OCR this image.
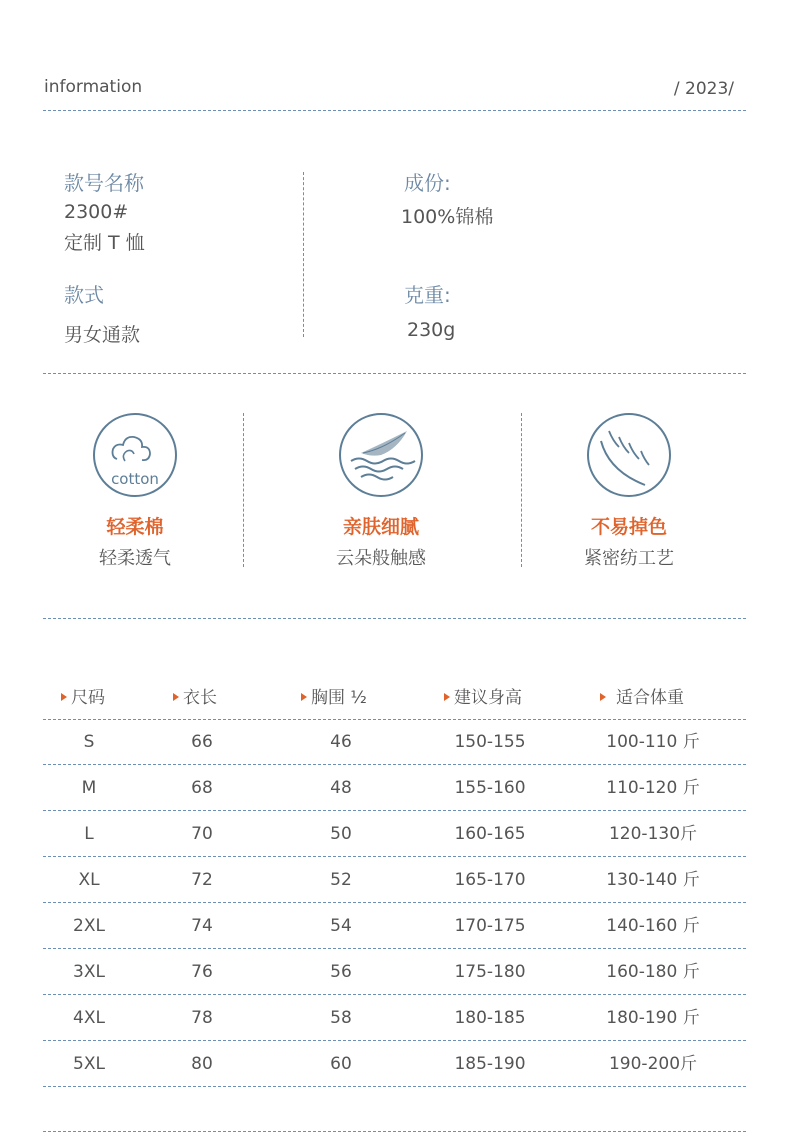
information	/ 2023/
款号名称
2300#
定制 T 恤
款式
男女通款
成份:
100%锦棉
克重:
230g
cotton
轻柔棉
轻柔透气
亲肤细腻
云朵般触感
不易掉色
紧密纺工艺
尺码	衣长	胸围 ½	建议身高	适合体重
S	66	46	150-155	100-110 斤
M	68	48	155-160	110-120 斤
L	70	50	160-165	120-130斤
XL	72	52	165-170	130-140 斤
2XL	74	54	170-175	140-160 斤
3XL	76	56	175-180	160-180 斤
4XL	78	58	180-185	180-190 斤
5XL	80	60	185-190	190-200斤
